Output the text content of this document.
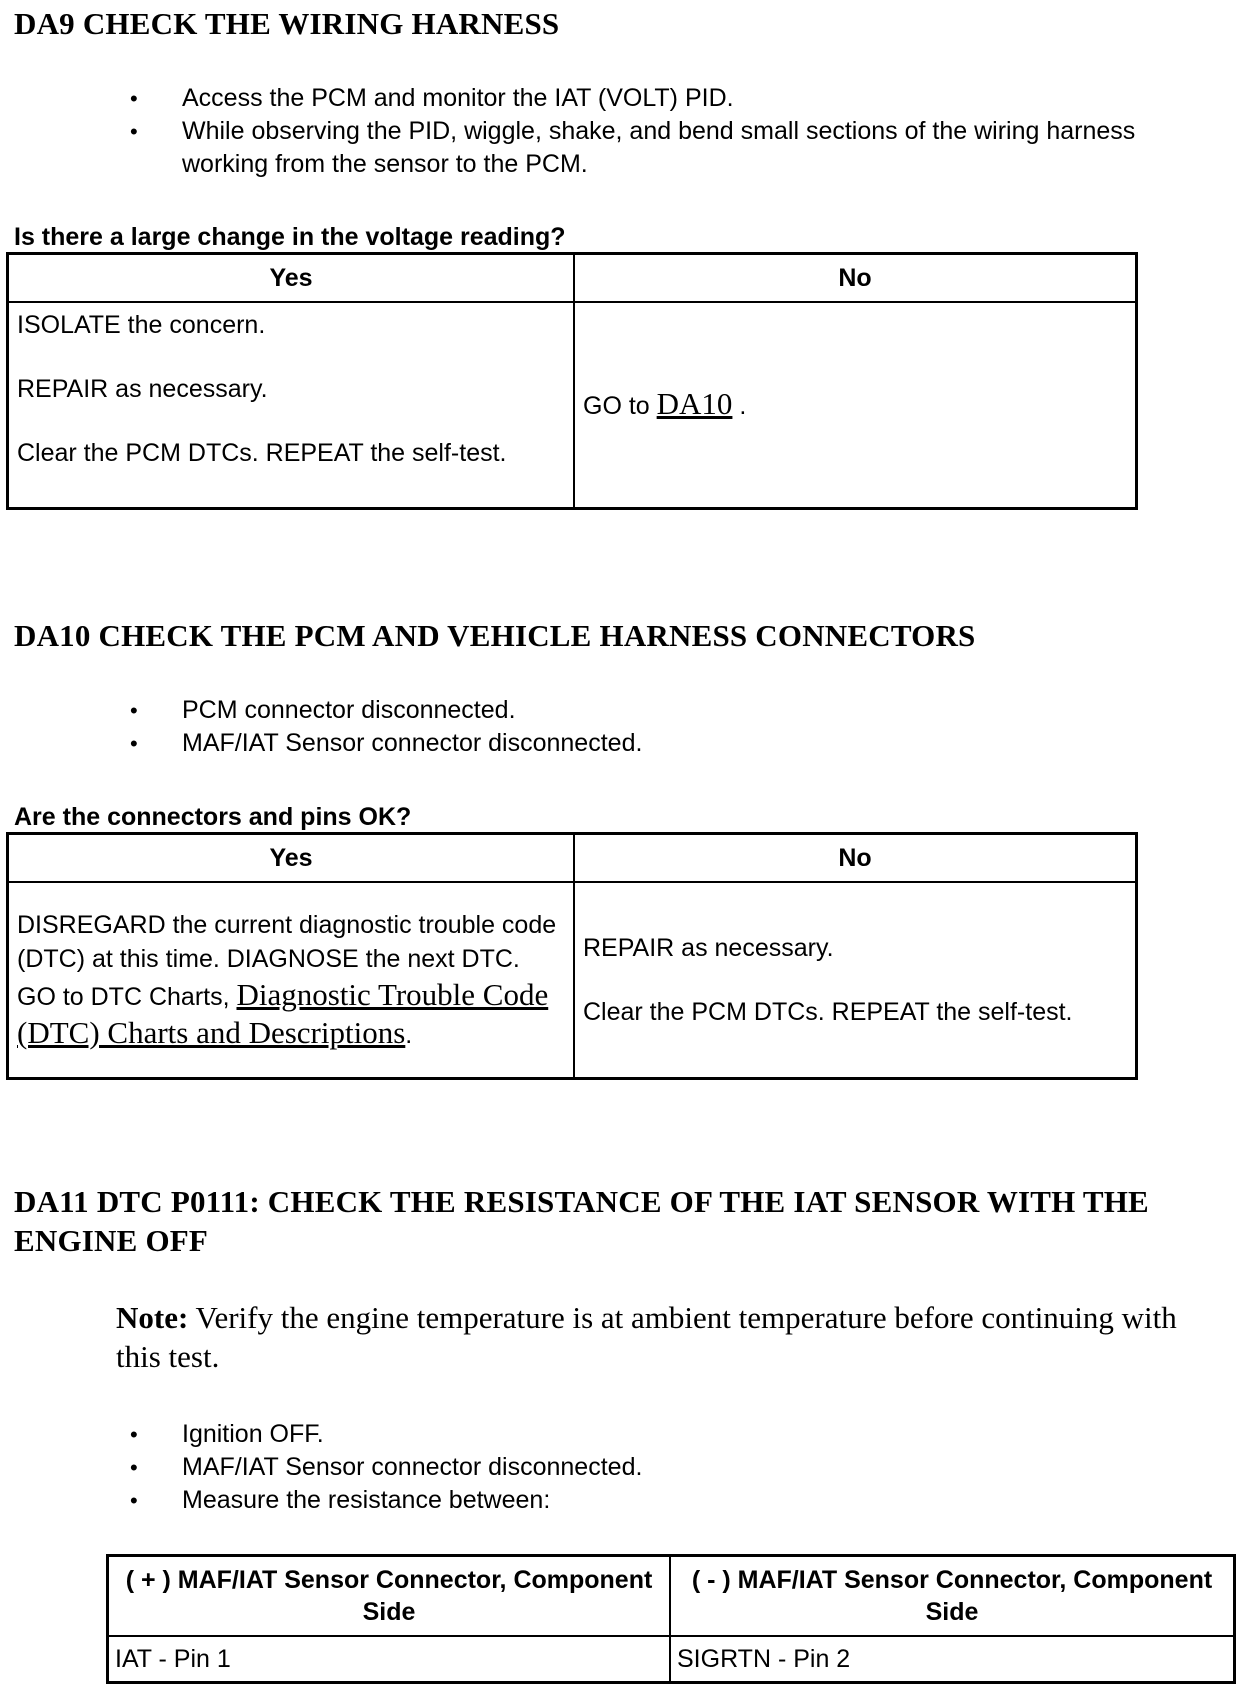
DA9 CHECK THE WIRING HARNESS
• Access the PCM and monitor the IAT (VOLT) PID.
• While observing the PID, wiggle, shake, and bend small sections of the wiring harness working from the sensor to the PCM.

Is there a large change in the voltage reading?

Yes	No

ISOLATE the concern.

REPAIR as necessary.

Clear the PCM DTCs. REPEAT the self-test.	GO to DA10 .
DA10 CHECK THE PCM AND VEHICLE HARNESS CONNECTORS
• PCM connector disconnected.
• MAF/IAT Sensor connector disconnected.

Are the connectors and pins OK?

Yes	No
DISREGARD the current diagnostic trouble code (DTC) at this time. DIAGNOSE the next DTC. GO to DTC Charts, Diagnostic Trouble Code (DTC) Charts and Descriptions.	REPAIR as necessary.

Clear the PCM DTCs. REPEAT the self-test.

DA11 DTC P0111: CHECK THE RESISTANCE OF THE IAT SENSOR WITH THE ENGINE OFF

Note: Verify the engine temperature is at ambient temperature before continuing with this test.

• Ignition OFF.
• MAF/IAT Sensor connector disconnected.
• Measure the resistance between:
( + ) MAF/IAT Sensor Connector, Component Side	( - ) MAF/IAT Sensor Connector, Component Side
IAT - Pin 1	SIGRTN - Pin 2
